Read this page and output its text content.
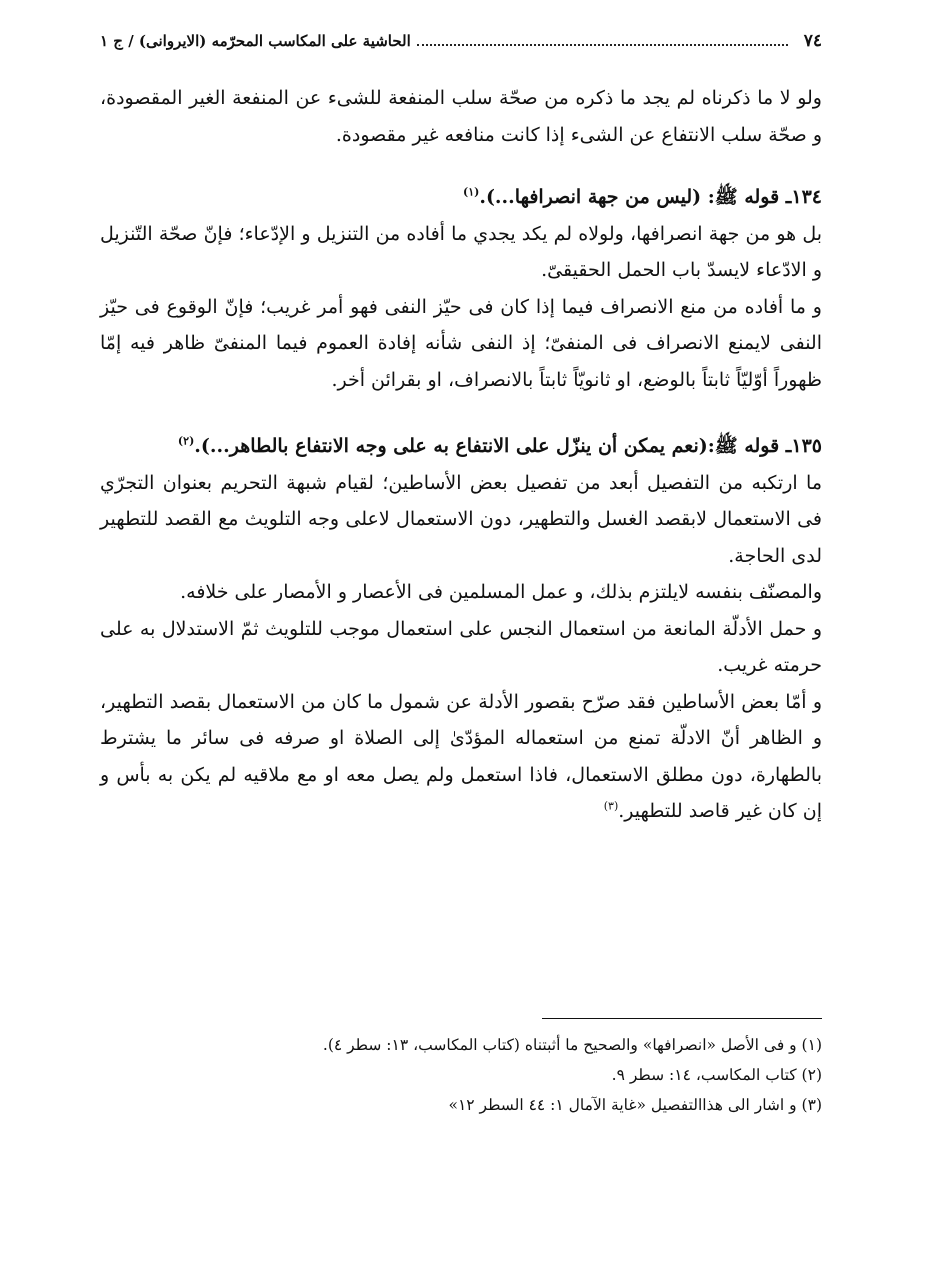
٧٤
الحاشية على المكاسب المحرّمه (الايروانى) / ج ١

ولو لا ما ذكرناه لم يجد ما ذكره من صحّة سلب المنفعة للشىء عن المنفعة الغير المقصودة، و صحّة سلب الانتفاع عن الشىء إذا كانت منافعه غير مقصودة.

١٣٤ـ قوله ﷺ: (ليس من جهة انصرافها...).$^{(١)}$

بل هو من جهة انصرافها، ولولاه لم يكد يجدي ما أفاده من التنزيل و الإدّعاء؛ فإنّ صحّة التّنزيل و الادّعاء لايسدّ باب الحمل الحقيقىّ.

و ما أفاده من منع الانصراف فيما إذا كان فى حيّز النفى فهو أمر غريب؛ فإنّ الوقوع فى حيّز النفى لايمنع الانصراف فى المنفىّ؛ إذ النفى شأنه إفادة العموم فيما المنفىّ ظاهر فيه إمّا ظهوراً أوّليّاً ثابتاً بالوضع، او ثانويّاً ثابتاً بالانصراف، او بقرائن أخر.

١٣٥ـ قوله ﷺ:(نعم يمكن أن ينزّل على الانتفاع به على وجه الانتفاع بالطاهر...).$^{(٢)}$

ما ارتكبه من التفصيل أبعد من تفصيل بعض الأساطين؛ لقيام شبهة التحريم بعنوان التجرّي فى الاستعمال لابقصد الغسل والتطهير، دون الاستعمال لاعلى وجه التلويث مع القصد للتطهير لدى الحاجة.

والمصنّف بنفسه لايلتزم بذلك، و عمل المسلمين فى الأعصار و الأمصار على خلافه.

و حمل الأدلّة المانعة من استعمال النجس على استعمال موجب للتلويث ثمّ الاستدلال به على حرمته غريب.

و أمّا بعض الأساطين فقد صرّح بقصور الأدلة عن شمول ما كان من الاستعمال بقصد التطهير، و الظاهر أنّ الادلّة تمنع من استعماله المؤدّىٰ إلى الصلاة او صرفه فى سائر ما يشترط بالطهارة، دون مطلق الاستعمال، فاذا استعمل ولم يصل معه او مع ملاقيه لم يكن به بأس و إن كان غير قاصد للتطهير.$^{(٣)}$

(١) و فى الأصل «انصرافها» والصحيح ما أثبتناه (كتاب المكاسب، ١٣: سطر ٤).

(٢) كتاب المكاسب، ١٤: سطر ٩.

(٣) و اشار الى هذاالتفصيل «غاية الآمال ١: ٤٤ السطر ١٢»
